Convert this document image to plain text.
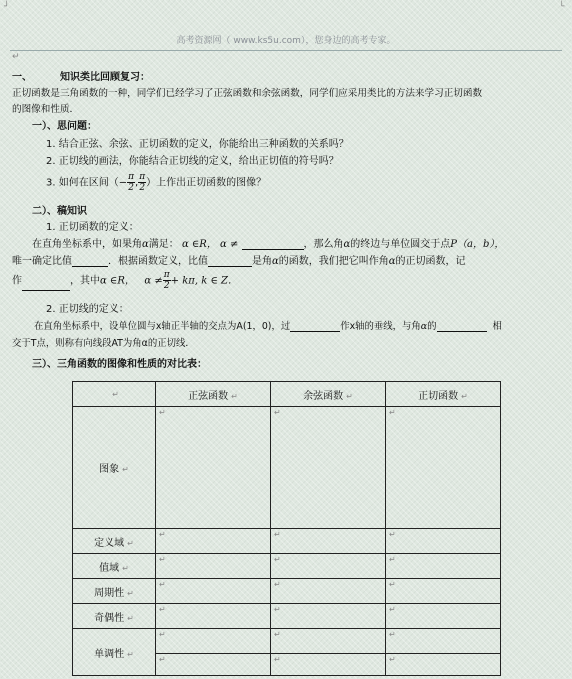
┘	└
高考资源网（ www.ks5u.com），您身边的高考专家。
↵
一、	知识类比回顾复习：
正切函数是三角函数的一种，同学们已经学习了正弦函数和余弦函数，同学们应采用类比的方法来学习正切函数
的图像和性质．
一）、思问题：
1. 结合正弦、余弦、正切函数的定义，你能给出三种函数的关系吗？
2. 正切线的画法，你能结合正切线的定义，给出正切值的符号吗？
3. 如何在区间（− $\frac{\pi}{2}$ , $\frac{\pi}{2}$ ）上作出正切函数的图像？
二）、稿知识
1. 正切函数的定义：
在直角坐标系中，如果角α满足： α ∈R， α ≠	，那么角α的终边与单位圆交于点P（a，b），
唯一确定比值	．根据函数定义，比值	是角α的函数，我们把它叫作角α的正切函数，记
作	，其中α ∈R， $\alpha \ne \frac{\pi}{2} + k\pi$, k ∈ Z．
2. 正切线的定义：
在直角坐标系中，设单位圆与x轴正半轴的交点为A(1，0)，过	作x轴的垂线，与角α的	相
交于T点，则称有向线段AT为角α的正切线．
三）、三角函数的图像和性质的对比表：
↵	正弦函数 ↵	余弦函数 ↵	正切函数 ↵
图象 ↵	↵	↵	↵
定义域 ↵	↵	↵	↵
值域 ↵	↵	↵	↵
周期性 ↵	↵	↵	↵
奇偶性 ↵	↵	↵	↵
单调性 ↵	↵	↵	↵
	↵	↵	↵
